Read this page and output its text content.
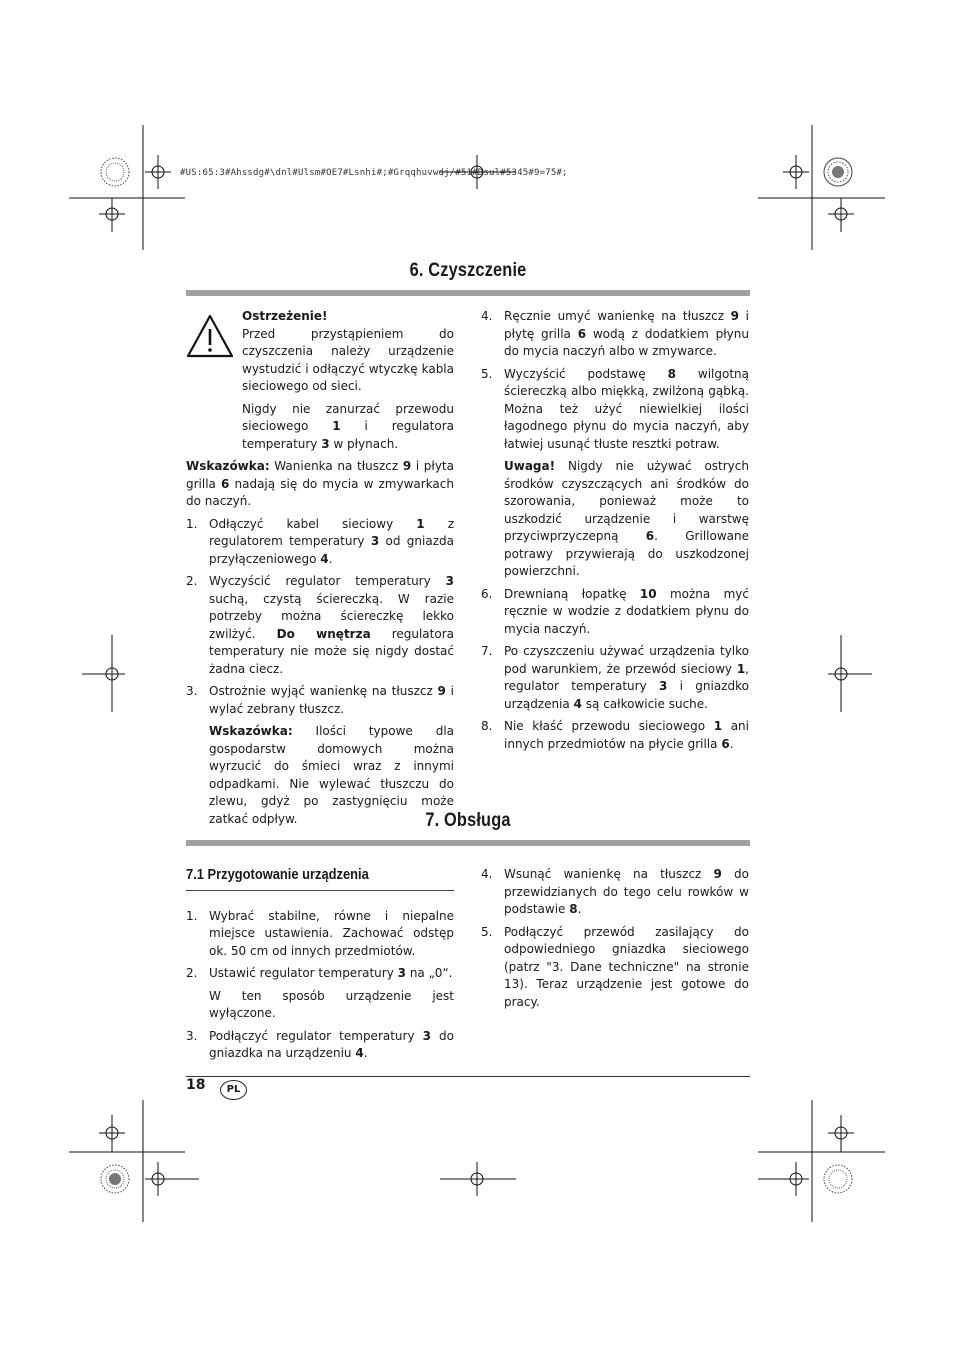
#US:65:3#Ahssdg#\dnl#Ulsm#OE7#Lsnhi#;#Grqqhuvwdj/#51#Dsul#5345#9=75#;
6. Czyszczenie

Ostrzeżenie!

Przed przystąpieniem do czyszczenia należy urządzenie wystudzić i odłączyć wtyczkę kabla sieciowego od sieci.

Nigdy nie zanurzać przewodu sieciowego 1 i regulatora temperatury 3 w płynach.

Wskazówka: Wanienka na tłuszcz 9 i płyta grilla 6 nadają się do mycia w zmywarkach do naczyń.

1. Odłączyć kabel sieciowy 1 z regulatorem temperatury 3 od gniazda przyłączeniowego 4.
2. Wyczyścić regulator temperatury 3 suchą, czystą ściereczką. W razie potrzeby można ściereczkę lekko zwilżyć. Do wnętrza regulatora temperatury nie może się nigdy dostać żadna ciecz.
3. Ostrożnie wyjąć wanienkę na tłuszcz 9 i wylać zebrany tłuszcz.

Wskazówka: Ilości typowe dla gospodarstw domowych można wyrzucić do śmieci wraz z innymi odpadkami. Nie wylewać tłuszczu do zlewu, gdyż po zastygnięciu może zatkać odpływ.

4. Ręcznie umyć wanienkę na tłuszcz 9 i płytę grilla 6 wodą z dodatkiem płynu do mycia naczyń albo w zmywarce.
5. Wyczyścić podstawę 8 wilgotną ściereczką albo miękką, zwilżoną gąbką. Można też użyć niewielkiej ilości łagodnego płynu do mycia naczyń, aby łatwiej usunąć tłuste resztki potraw.

Uwaga! Nigdy nie używać ostrych środków czyszczących ani środków do szorowania, ponieważ może to uszkodzić urządzenie i warstwę przyciwprzyczepną 6. Grillowane potrawy przywierają do uszkodzonej powierzchni.

6. Drewnianą łopatkę 10 można myć ręcznie w wodzie z dodatkiem płynu do mycia naczyń.
7. Po czyszczeniu używać urządzenia tylko pod warunkiem, że przewód sieciowy 1, regulator temperatury 3 i gniazdko urządzenia 4 są całkowicie suche.
8. Nie kłaść przewodu sieciowego 1 ani innych przedmiotów na płycie grilla 6.
7. Obsługa
7.1 Przygotowanie urządzenia
1. Wybrać stabilne, równe i niepalne miejsce ustawienia. Zachować odstęp ok. 50 cm od innych przedmiotów.
2. Ustawić regulator temperatury 3 na „0“.

W ten sposób urządzenie jest wyłączone.

3. Podłączyć regulator temperatury 3 do gniazdka na urządzeniu 4.
4. Wsunąć wanienkę na tłuszcz 9 do przewidzianych do tego celu rowków w podstawie 8.
5. Podłączyć przewód zasilający do odpowiedniego gniazdka sieciowego (patrz "3. Dane techniczne" na stronie 13). Teraz urządzenie jest gotowe do pracy.
18	PL
